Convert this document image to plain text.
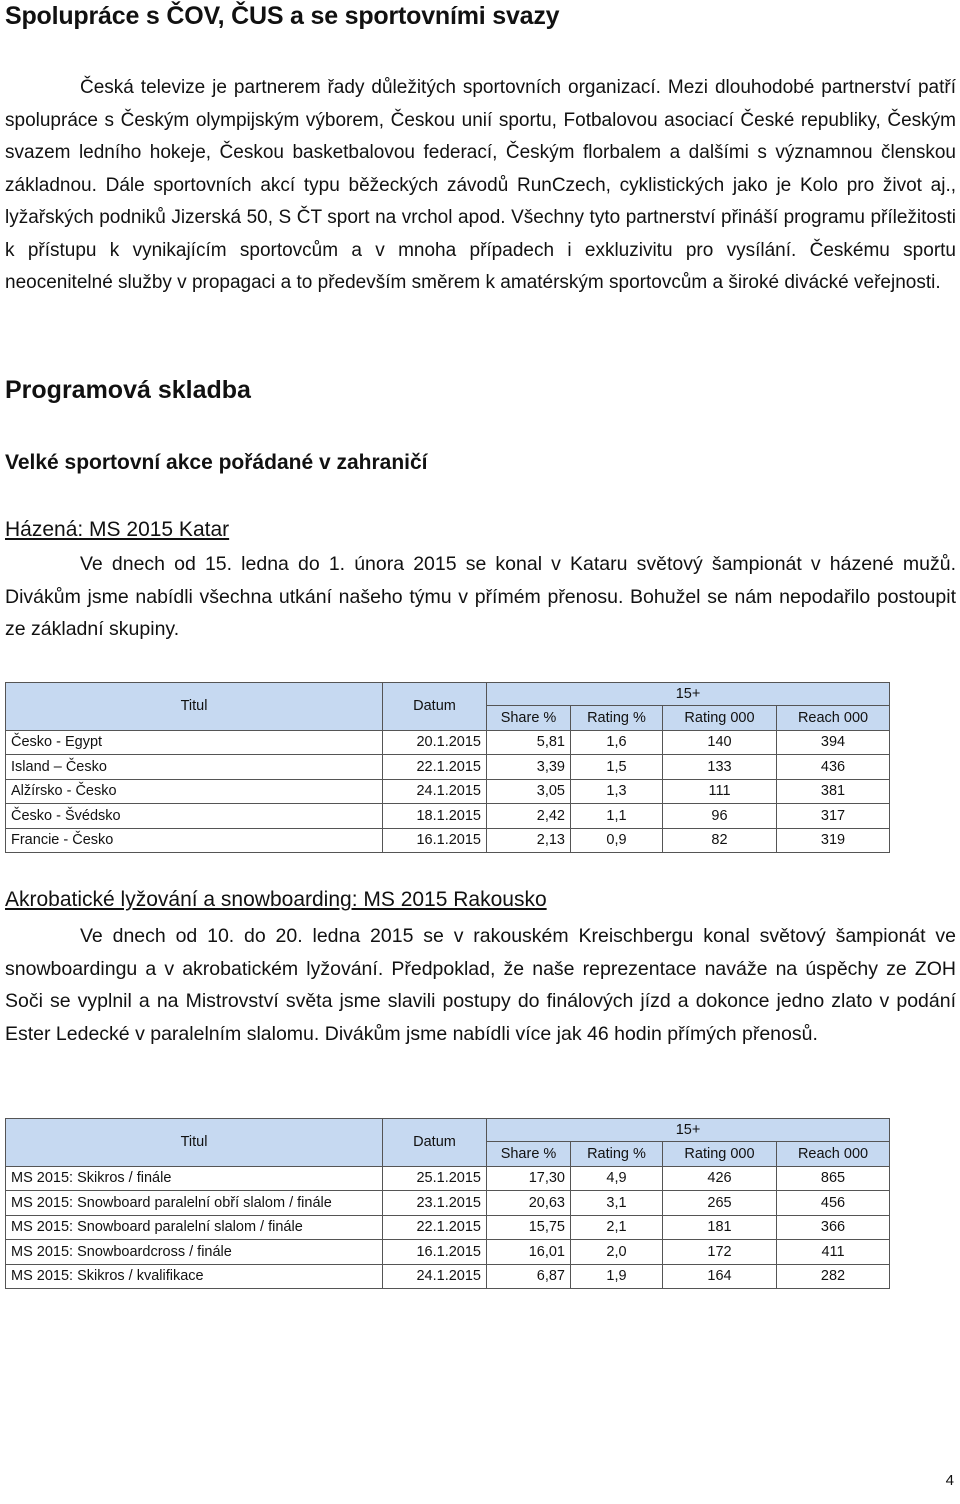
Spolupráce s ČOV, ČUS a se sportovními svazy

Česká televize je partnerem řady důležitých sportovních organizací. Mezi dlouhodobé partnerství patří spolupráce s Českým olympijským výborem, Českou unií sportu, Fotbalovou asociací České republiky, Českým svazem ledního hokeje, Českou basketbalovou federací, Českým florbalem a dalšími s významnou členskou základnou. Dále sportovních akcí typu běžeckých závodů RunCzech, cyklistických jako je Kolo pro život aj., lyžařských podniků Jizerská 50, S ČT sport na vrchol apod. Všechny tyto partnerství přináší programu příležitosti k přístupu k vynikajícím sportovcům a v mnoha případech i exkluzivitu pro vysílání. Českému sportu neocenitelné služby v propagaci a to především směrem k amatérským sportovcům a široké divácké veřejnosti.

Programová skladba
Velké sportovní akce pořádané v zahraničí
Házená: MS 2015 Katar

Ve dnech od 15. ledna do 1. února 2015 se konal v Kataru světový šampionát v házené mužů. Divákům jsme nabídli všechna utkání našeho týmu v přímém přenosu. Bohužel se nám nepodařilo postoupit ze základní skupiny.

Titul	Datum	15+			
		Share %	Rating %	Rating 000	Reach 000
Česko - Egypt	20.1.2015	5,81	1,6	140	394
Island – Česko	22.1.2015	3,39	1,5	133	436
Alžírsko - Česko	24.1.2015	3,05	1,3	111	381
Česko - Švédsko	18.1.2015	2,42	1,1	96	317
Francie - Česko	16.1.2015	2,13	0,9	82	319
Akrobatické lyžování a snowboarding: MS 2015 Rakousko

Ve dnech od 10. do 20. ledna 2015 se v rakouském Kreischbergu konal světový šampionát ve snowboardingu a v akrobatickém lyžování. Předpoklad, že naše reprezentace naváže na úspěchy ze ZOH Soči se vyplnil a na Mistrovství světa jsme slavili postupy do finálových jízd a dokonce jedno zlato v podání Ester Ledecké v paralelním slalomu. Divákům jsme nabídli více jak 46 hodin přímých přenosů.

Titul	Datum	15+			
		Share %	Rating %	Rating 000	Reach 000
MS 2015: Skikros / finále	25.1.2015	17,30	4,9	426	865
MS 2015: Snowboard paralelní obří slalom / finále	23.1.2015	20,63	3,1	265	456
MS 2015: Snowboard paralelní slalom / finále	22.1.2015	15,75	2,1	181	366
MS 2015: Snowboardcross / finále	16.1.2015	16,01	2,0	172	411
MS 2015: Skikros / kvalifikace	24.1.2015	6,87	1,9	164	282
4
